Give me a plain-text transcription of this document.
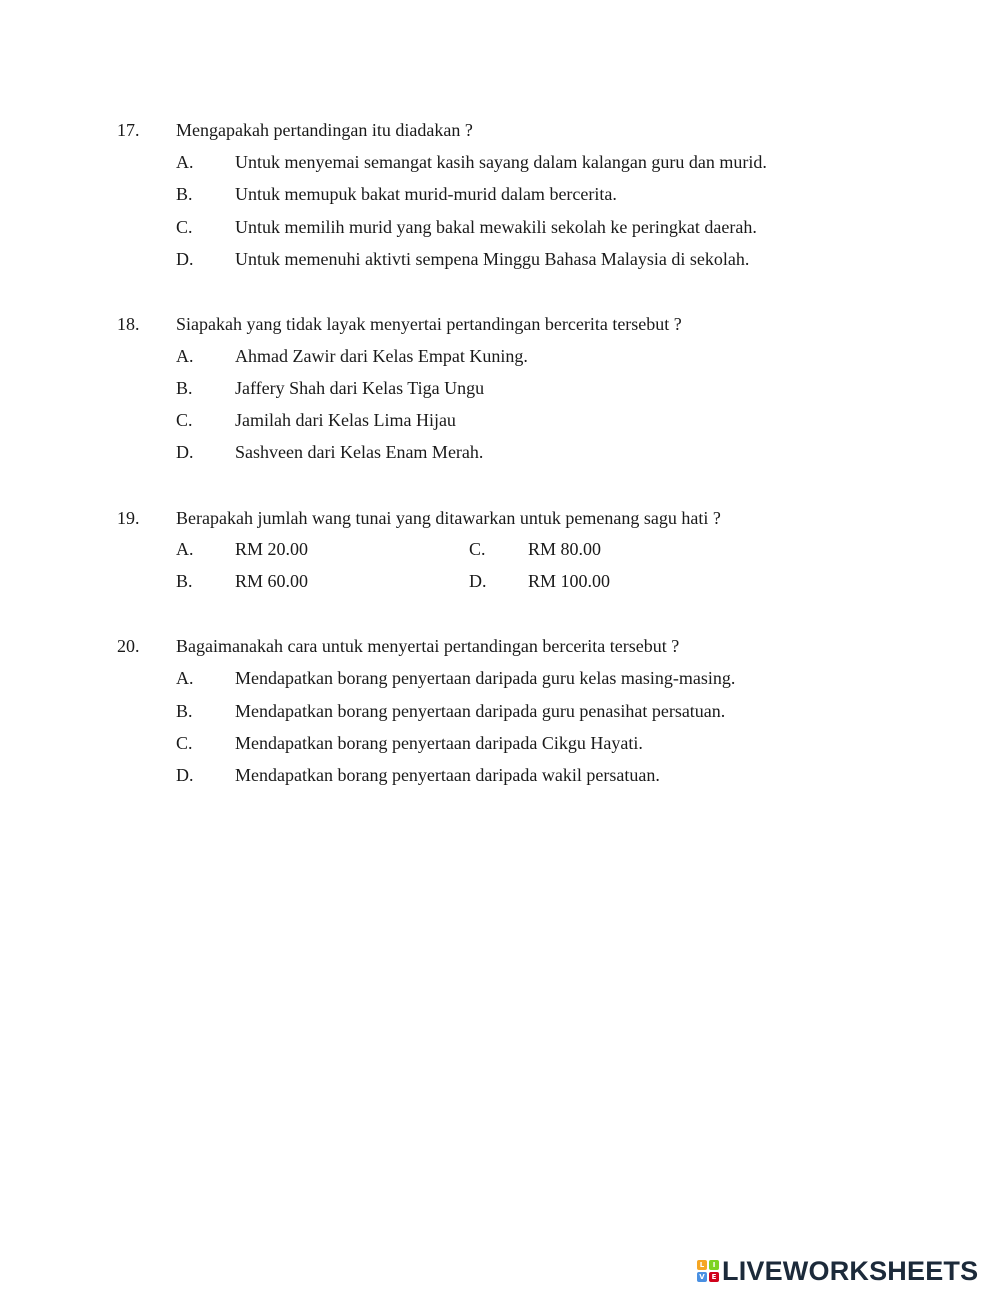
17. Mengapakah pertandingan itu diadakan ?
A. Untuk menyemai semangat kasih sayang dalam kalangan guru dan murid.
B. Untuk memupuk bakat murid-murid dalam bercerita.
C. Untuk memilih murid yang bakal mewakili sekolah ke peringkat daerah.
D. Untuk memenuhi aktivti sempena Minggu Bahasa Malaysia di sekolah.
18. Siapakah yang tidak layak menyertai pertandingan bercerita tersebut ?
A. Ahmad Zawir dari Kelas Empat Kuning.
B. Jaffery Shah dari Kelas Tiga Ungu
C. Jamilah dari Kelas Lima Hijau
D. Sashveen dari Kelas Enam Merah.
19. Berapakah jumlah wang tunai yang ditawarkan untuk pemenang sagu hati ?
A. RM 20.00	C. RM 80.00
B. RM 60.00	D. RM 100.00
20. Bagaimanakah cara untuk menyertai pertandingan bercerita tersebut ?
A. Mendapatkan borang penyertaan daripada guru kelas masing-masing.
B. Mendapatkan borang penyertaan daripada guru penasihat persatuan.
C. Mendapatkan borang penyertaan daripada Cikgu Hayati.
D. Mendapatkan borang penyertaan daripada wakil persatuan.
L	I
V E LIVEWORKSHEETS
